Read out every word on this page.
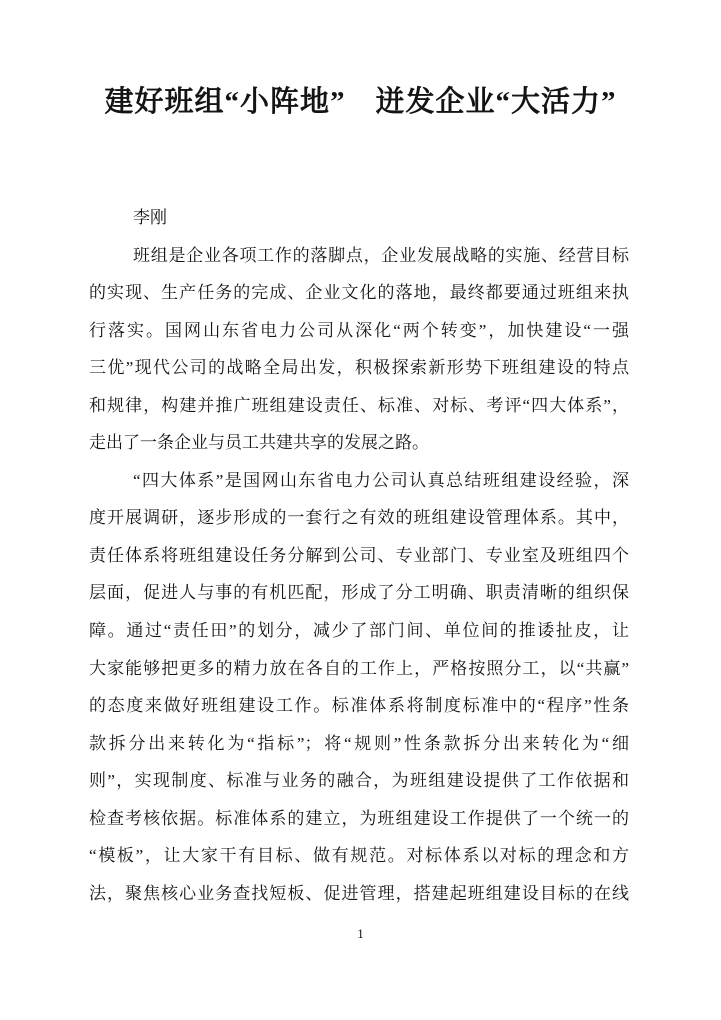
建好班组“小阵地”　迸发企业“大活力”
李刚
班组是企业各项工作的落脚点，企业发展战略的实施、经营目标
的实现、生产任务的完成、企业文化的落地，最终都要通过班组来执
行落实。国网山东省电力公司从深化“两个转变”，加快建设“一强
三优”现代公司的战略全局出发，积极探索新形势下班组建设的特点
和规律，构建并推广班组建设责任、标准、对标、考评“四大体系”，
走出了一条企业与员工共建共享的发展之路。
“四大体系”是国网山东省电力公司认真总结班组建设经验，深
度开展调研，逐步形成的一套行之有效的班组建设管理体系。其中，
责任体系将班组建设任务分解到公司、专业部门、专业室及班组四个
层面，促进人与事的有机匹配，形成了分工明确、职责清晰的组织保
障。通过“责任田”的划分，减少了部门间、单位间的推诿扯皮，让
大家能够把更多的精力放在各自的工作上，严格按照分工，以“共赢”
的态度来做好班组建设工作。标准体系将制度标准中的“程序”性条
款拆分出来转化为“指标”；将“规则”性条款拆分出来转化为“细
则”，实现制度、标准与业务的融合，为班组建设提供了工作依据和
检查考核依据。标准体系的建立，为班组建设工作提供了一个统一的
“模板”，让大家干有目标、做有规范。对标体系以对标的理念和方
法，聚焦核心业务查找短板、促进管理，搭建起班组建设目标的在线
1
